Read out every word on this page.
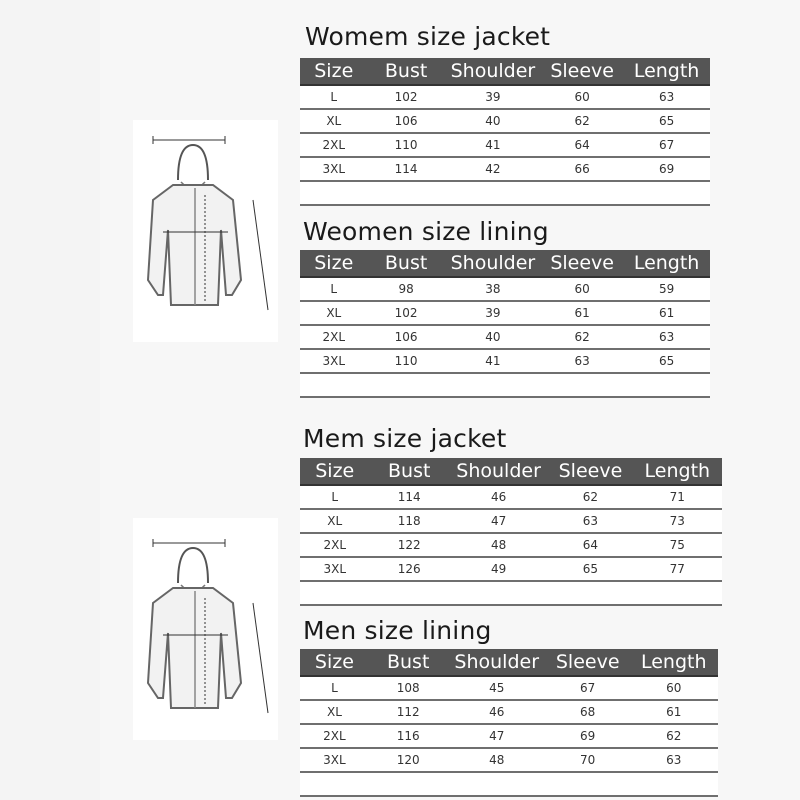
Womem size jacket
Size	Bust	Shoulder Sleeve	Length
L	102	39	60	63
XL	106	40	62	65
2XL	110	41	64	67
3XL	114	42	66	69
Weomen size lining
Size	Bust	Shoulder Sleeve	Length
L	98	38	60	59
XL	102	39	61	61
2XL	106	40	62	63
3XL	110	41	63	65
Mem size jacket
Size	Bust	Shoulder Sleeve	Length
L	114	46	62	71
XL	118	47	63	73
2XL	122	48	64	75
3XL	126	49	65	77
Men size lining
Size	Bust	Shoulder Sleeve	Length
L	108	45	67	60
XL	112	46	68	61
2XL	116	47	69	62
3XL	120	48	70	63
